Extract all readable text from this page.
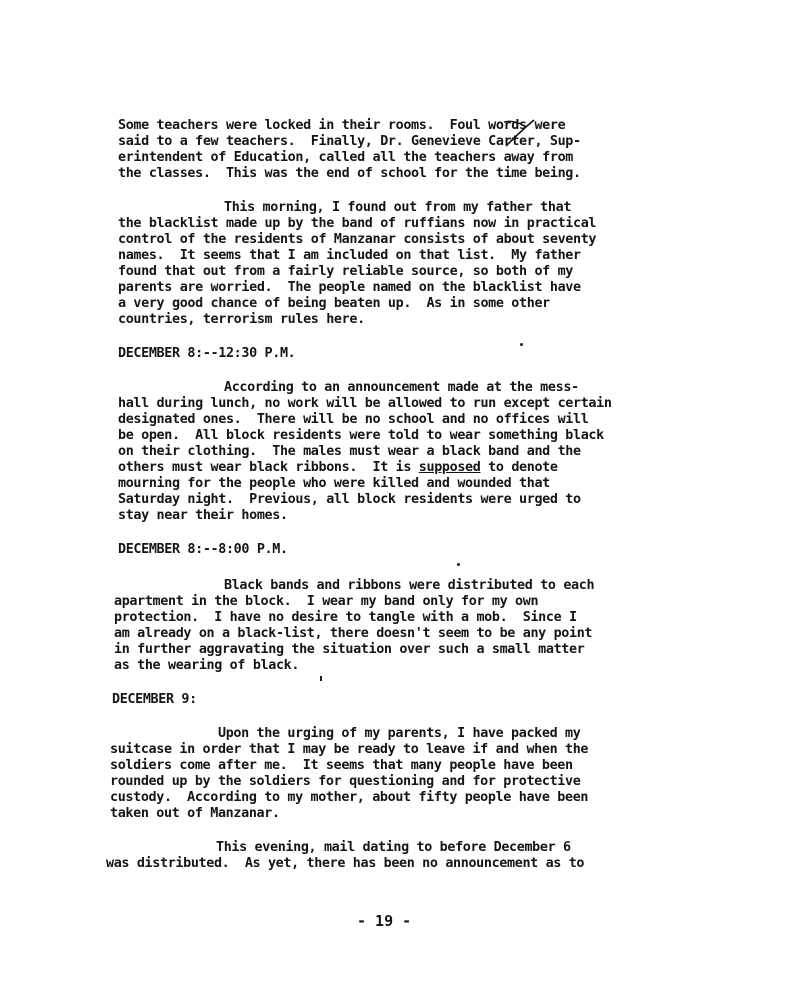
Some teachers were locked in their rooms.  Foul words were
said to a few teachers.  Finally, Dr. Genevieve Carter, Sup-
erintendent of Education, called all the teachers away from
the classes.  This was the end of school for the time being.
This morning, I found out from my father that
the blacklist made up by the band of ruffians now in practical
control of the residents of Manzanar consists of about seventy
names.  It seems that I am included on that list.  My father
found that out from a fairly reliable source, so both of my
parents are worried.  The people named on the blacklist have
a very good chance of being beaten up.  As in some other
countries, terrorism rules here.
DECEMBER 8:--12:30 P.M.
According to an announcement made at the mess-
hall during lunch, no work will be allowed to run except certain
designated ones.  There will be no school and no offices will
be open.  All block residents were told to wear something black
on their clothing.  The males must wear a black band and the
others must wear black ribbons.  It is supposed to denote
mourning for the people who were killed and wounded that
Saturday night.  Previous, all block residents were urged to
stay near their homes.
DECEMBER 8:--8:00 P.M.
Black bands and ribbons were distributed to each
apartment in the block.  I wear my band only for my own
protection.  I have no desire to tangle with a mob.  Since I
am already on a black-list, there doesn't seem to be any point
in further aggravating the situation over such a small matter
as the wearing of black.
DECEMBER 9:
Upon the urging of my parents, I have packed my
suitcase in order that I may be ready to leave if and when the
soldiers come after me.  It seems that many people have been
rounded up by the soldiers for questioning and for protective
custody.  According to my mother, about fifty people have been
taken out of Manzanar.
This evening, mail dating to before December 6
was distributed.  As yet, there has been no announcement as to
- 19 -
